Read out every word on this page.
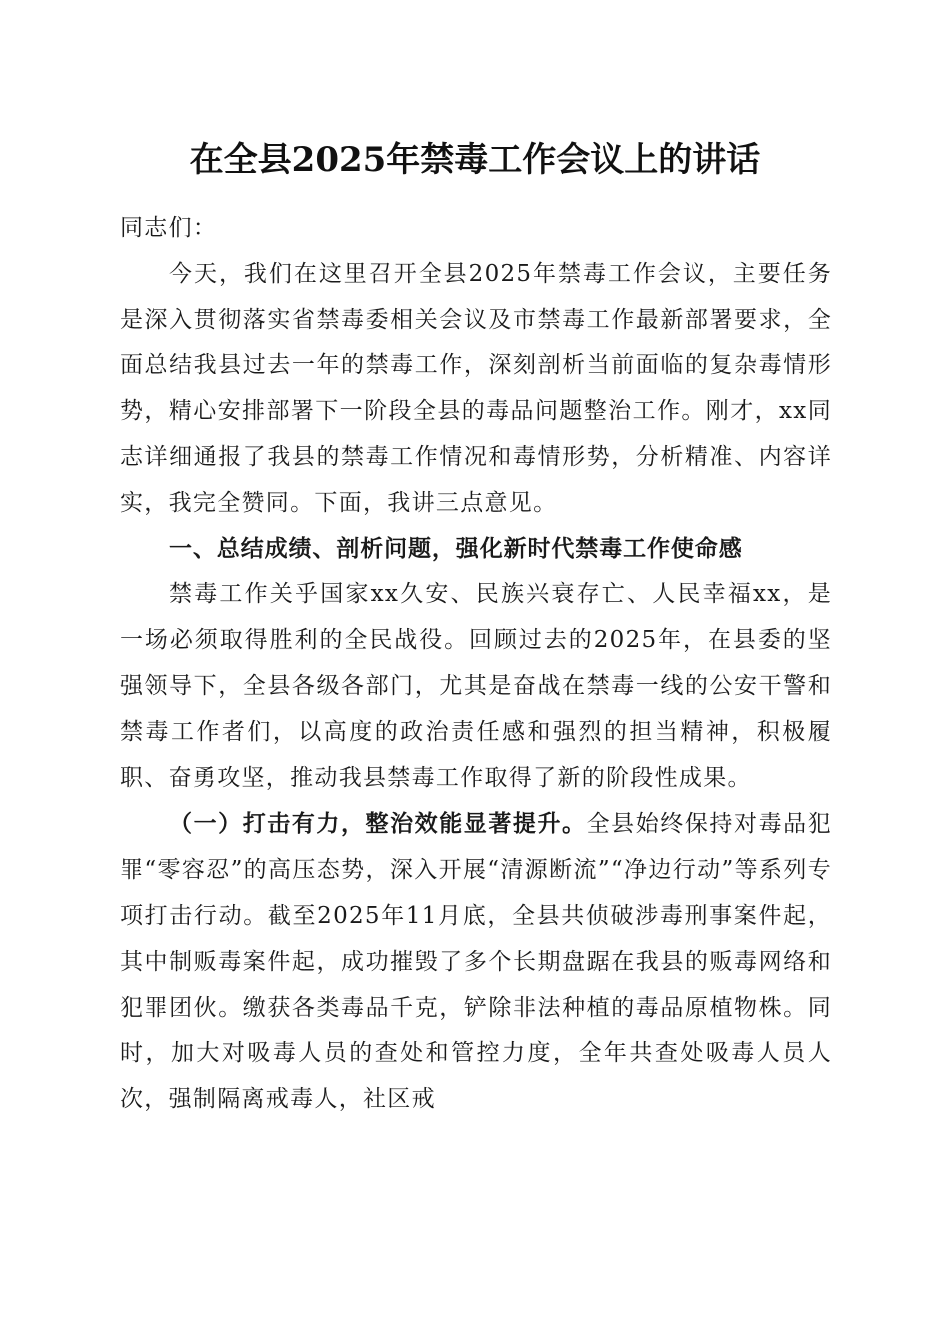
在全县2025年禁毒工作会议上的讲话

同志们：

今天，我们在这里召开全县2025年禁毒工作会议，主要任务是深入贯彻落实省禁毒委相关会议及市禁毒工作最新部署要求，全面总结我县过去一年的禁毒工作，深刻剖析当前面临的复杂毒情形势，精心安排部署下一阶段全县的毒品问题整治工作。刚才，xx同志详细通报了我县的禁毒工作情况和毒情形势，分析精准、内容详实，我完全赞同。下面，我讲三点意见。

一、总结成绩、剖析问题，强化新时代禁毒工作使命感

禁毒工作关乎国家xx久安、民族兴衰存亡、人民幸福xx，是一场必须取得胜利的全民战役。回顾过去的2025年，在县委的坚强领导下，全县各级各部门，尤其是奋战在禁毒一线的公安干警和禁毒工作者们，以高度的政治责任感和强烈的担当精神，积极履职、奋勇攻坚，推动我县禁毒工作取得了新的阶段性成果。

（一）打击有力，整治效能显著提升。全县始终保持对毒品犯罪“零容忍”的高压态势，深入开展“清源断流”“净边行动”等系列专项打击行动。截至2025年11月底，全县共侦破涉毒刑事案件起，其中制贩毒案件起，成功摧毁了多个长期盘踞在我县的贩毒网络和犯罪团伙。缴获各类毒品千克，铲除非法种植的毒品原植物株。同时，加大对吸毒人员的查处和管控力度，全年共查处吸毒人员人次，强制隔离戒毒人，社区戒
